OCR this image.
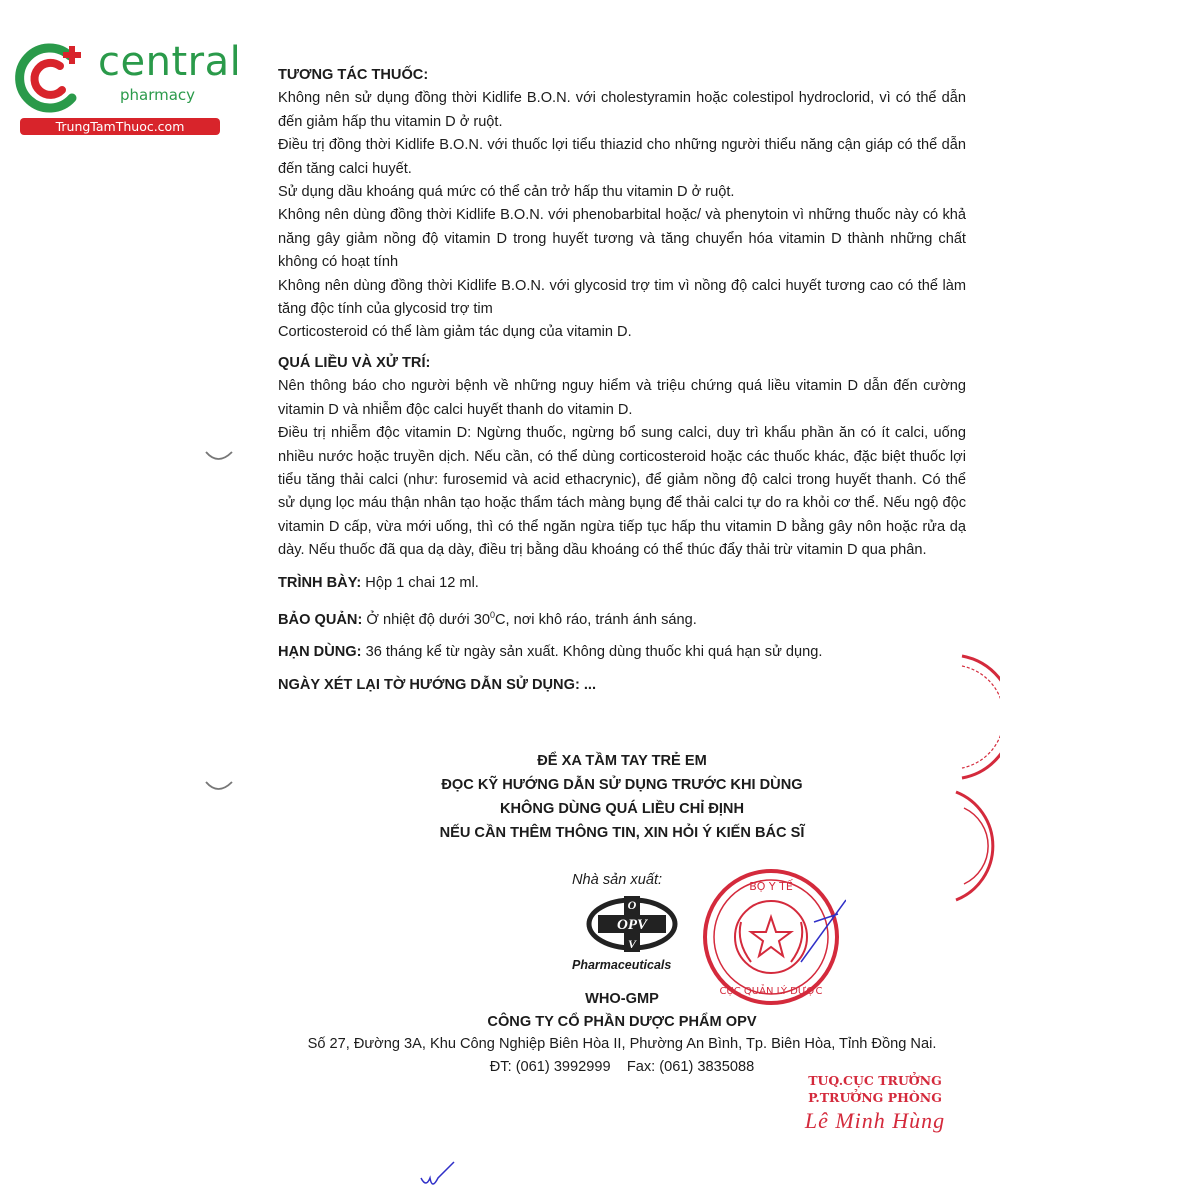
central
pharmacy
TrungTamThuoc.com
TƯƠNG TÁC THUỐC:

Không nên sử dụng đồng thời Kidlife B.O.N. với cholestyramin hoặc colestipol hydroclorid, vì có thể dẫn đến giảm hấp thu vitamin D ở ruột.

Điều trị đồng thời Kidlife B.O.N. với thuốc lợi tiểu thiazid cho những người thiểu năng cận giáp có thể dẫn đến tăng calci huyết.

Sử dụng dầu khoáng quá mức có thể cản trở hấp thu vitamin D ở ruột.

Không nên dùng đồng thời Kidlife B.O.N. với phenobarbital hoặc/ và phenytoin vì những thuốc này có khả năng gây giảm nồng độ vitamin D trong huyết tương và tăng chuyển hóa vitamin D thành những chất không có hoạt tính

Không nên dùng đồng thời Kidlife B.O.N. với glycosid trợ tim vì nồng độ calci huyết tương cao có thể làm tăng độc tính của glycosid trợ tim

Corticosteroid có thể làm giảm tác dụng của vitamin D.

QUÁ LIỀU VÀ XỬ TRÍ:

Nên thông báo cho người bệnh về những nguy hiểm và triệu chứng quá liều vitamin D dẫn đến cường vitamin D và nhiễm độc calci huyết thanh do vitamin D.

Điều trị nhiễm độc vitamin D: Ngừng thuốc, ngừng bổ sung calci, duy trì khẩu phần ăn có ít calci, uống nhiều nước hoặc truyền dịch. Nếu cần, có thể dùng corticosteroid hoặc các thuốc khác, đặc biệt thuốc lợi tiểu tăng thải calci (như: furosemid và acid ethacrynic), để giảm nồng độ calci trong huyết thanh. Có thể sử dụng lọc máu thận nhân tạo hoặc thẩm tách màng bụng để thải calci tự do ra khỏi cơ thể. Nếu ngộ độc vitamin D cấp, vừa mới uống, thì có thể ngăn ngừa tiếp tục hấp thu vitamin D bằng gây nôn hoặc rửa dạ dày. Nếu thuốc đã qua dạ dày, điều trị bằng dầu khoáng có thể thúc đẩy thải trừ vitamin D qua phân.

TRÌNH BÀY: Hộp 1 chai 12 ml.
BẢO QUẢN: Ở nhiệt độ dưới $30^0C$, nơi khô ráo, tránh ánh sáng.
HẠN DÙNG: 36 tháng kể từ ngày sản xuất. Không dùng thuốc khi quá hạn sử dụng.
NGÀY XÉT LẠI TỜ HƯỚNG DẪN SỬ DỤNG: ...
ĐỂ XA TẦM TAY TRẺ EM
ĐỌC KỸ HƯỚNG DẪN SỬ DỤNG TRƯỚC KHI DÙNG
KHÔNG DÙNG QUÁ LIỀU CHỈ ĐỊNH
NẾU CẦN THÊM THÔNG TIN, XIN HỎI Ý KIẾN BÁC SĨ
Nhà sản xuất:
O
OPV
V
Pharmaceuticals
WHO-GMP
CÔNG TY CỔ PHẦN DƯỢC PHẨM OPV
Số 27, Đường 3A, Khu Công Nghiệp Biên Hòa II, Phường An Bình, Tp. Biên Hòa, Tỉnh Đồng Nai.
ĐT: (061) 3992999 Fax: (061) 3835088
BỘ Y TẾ
CỤC QUẢN LÝ DƯỢC
TUQ.CỤC TRƯỞNG
P.TRƯỞNG PHÒNG
Lê Minh Hùng
